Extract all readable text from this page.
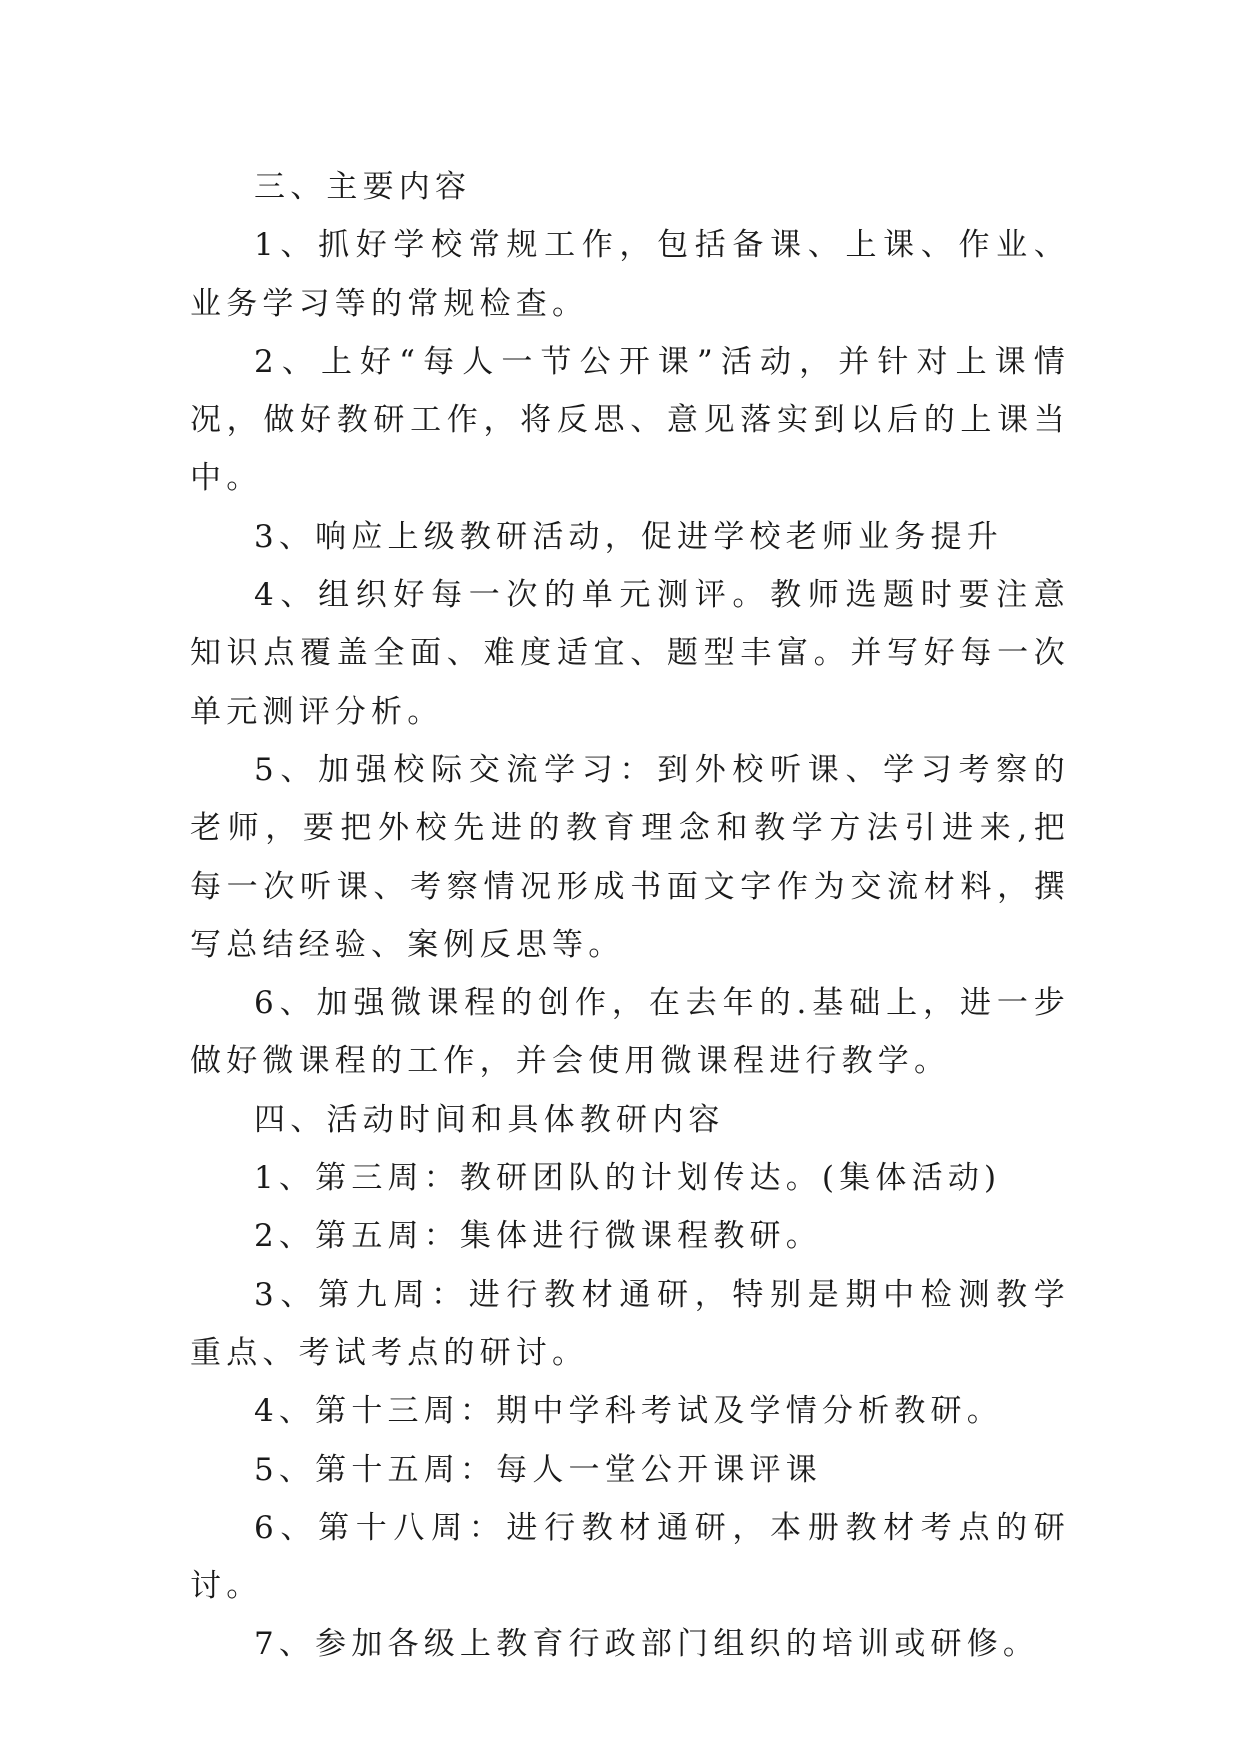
三、主要内容

1、抓好学校常规工作，包括备课、上课、作业、业务学习等的常规检查。

2、上好“每人一节公开课”活动，并针对上课情况，做好教研工作，将反思、意见落实到以后的上课当中。

3、响应上级教研活动，促进学校老师业务提升

4、组织好每一次的单元测评。教师选题时要注意知识点覆盖全面、难度适宜、题型丰富。并写好每一次单元测评分析。

5、加强校际交流学习：到外校听课、学习考察的老师，要把外校先进的教育理念和教学方法引进来,把每一次听课、考察情况形成书面文字作为交流材料，撰写总结经验、案例反思等。

6、加强微课程的创作，在去年的.基础上，进一步做好微课程的工作，并会使用微课程进行教学。

四、活动时间和具体教研内容

1、第三周：教研团队的计划传达。(集体活动)

2、第五周：集体进行微课程教研。

3、第九周：进行教材通研，特别是期中检测教学重点、考试考点的研讨。

4、第十三周：期中学科考试及学情分析教研。

5、第十五周：每人一堂公开课评课

6、第十八周：进行教材通研，本册教材考点的研讨。

7、参加各级上教育行政部门组织的培训或研修。
